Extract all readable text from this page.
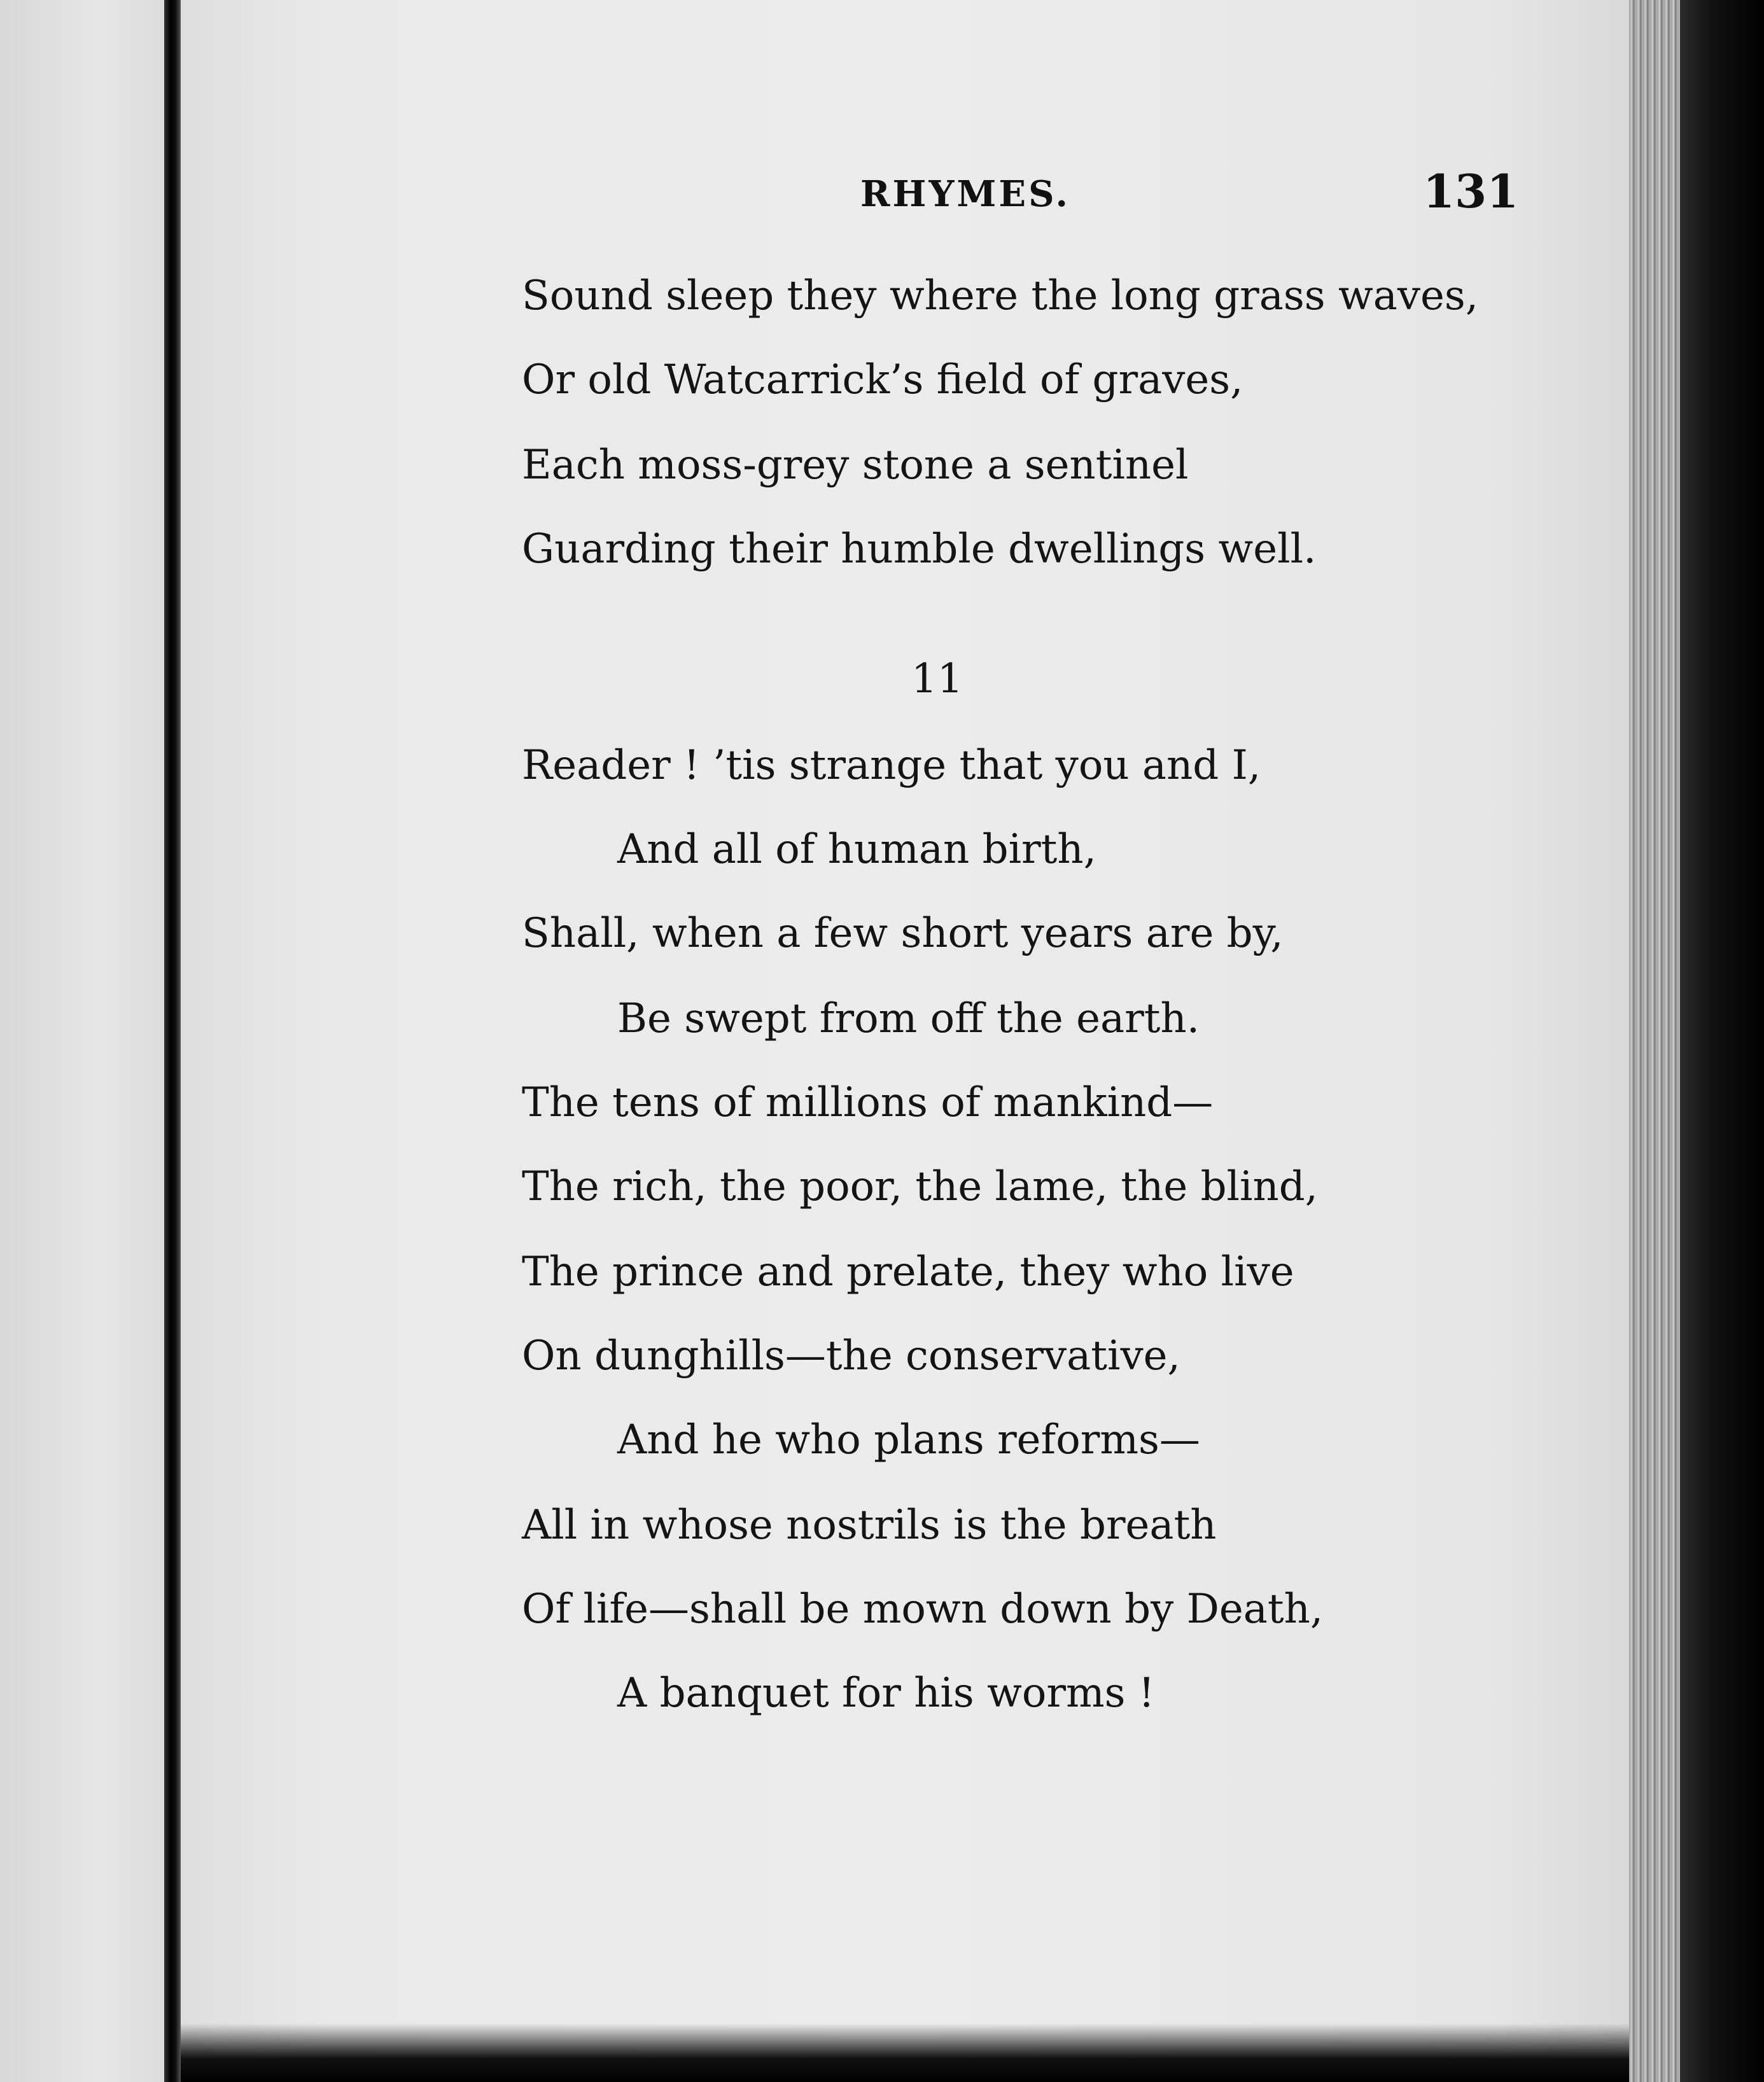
RHYMES.	131
Sound sleep they where the long grass waves,
Or old Watcarrick’s field of graves,
Each moss-grey stone a sentinel
Guarding their humble dwellings well.
11
Reader ! ’tis strange that you and I,
And all of human birth,
Shall, when a few short years are by,
Be swept from off the earth.
The tens of millions of mankind—
The rich, the poor, the lame, the blind,
The prince and prelate, they who live
On dunghills—the conservative,
And he who plans reforms—
All in whose nostrils is the breath
Of life—shall be mown down by Death,
A banquet for his worms !
